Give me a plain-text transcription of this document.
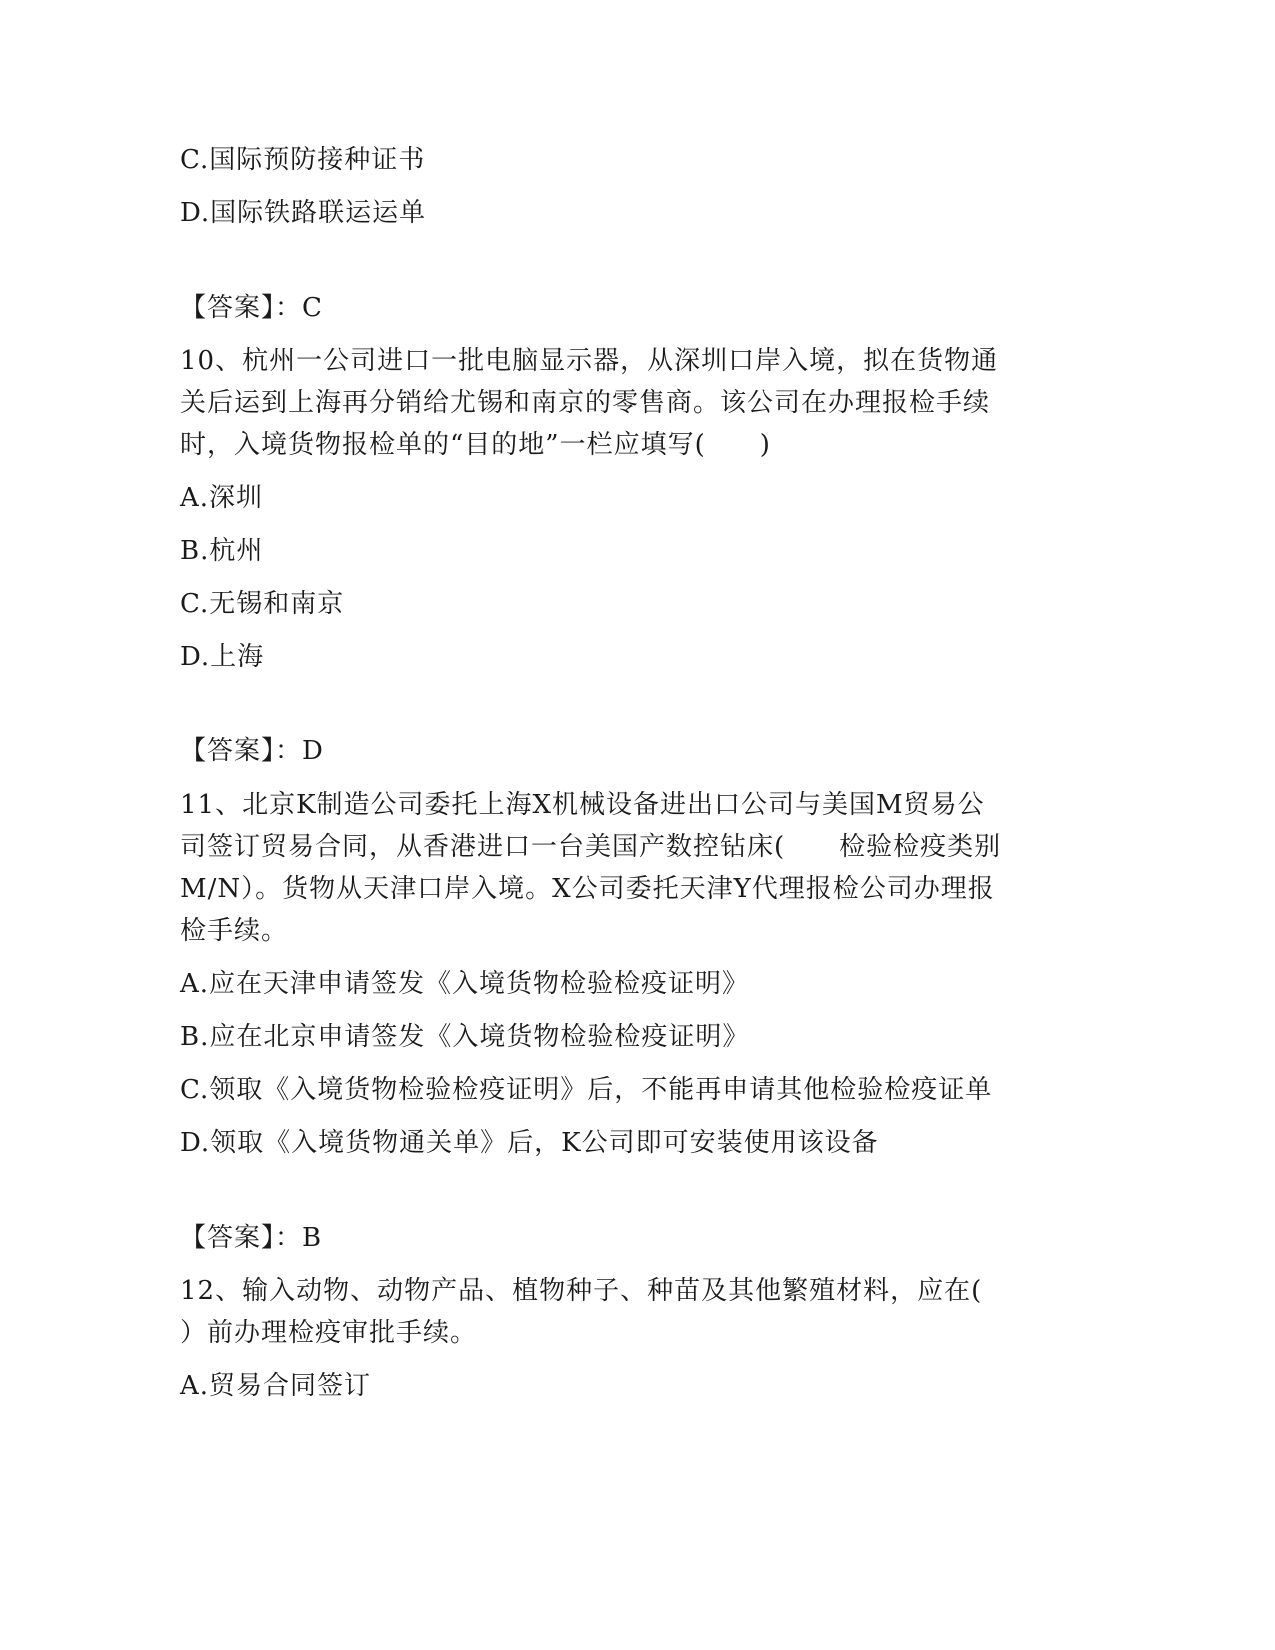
C.国际预防接种证书
D.国际铁路联运运单
【答案】：C
10、杭州一公司进口一批电脑显示器，从深圳口岸入境，拟在货物通
关后运到上海再分销给尤锡和南京的零售商。该公司在办理报检手续
时，入境货物报检单的“目的地”一栏应填写(　　)
A.深圳
B.杭州
C.无锡和南京
D.上海
【答案】：D
11、北京K制造公司委托上海X机械设备进出口公司与美国M贸易公
司签订贸易合同，从香港进口一台美国产数控钻床(　　检验检疫类别
M/N）。货物从天津口岸入境。X公司委托天津Y代理报检公司办理报
检手续。
A.应在天津申请签发《入境货物检验检疫证明》
B.应在北京申请签发《入境货物检验检疫证明》
C.领取《入境货物检验检疫证明》后，不能再申请其他检验检疫证单
D.领取《入境货物通关单》后，K公司即可安装使用该设备
【答案】：B
12、输入动物、动物产品、植物种子、种苗及其他繁殖材料，应在(
）前办理检疫审批手续。
A.贸易合同签订
